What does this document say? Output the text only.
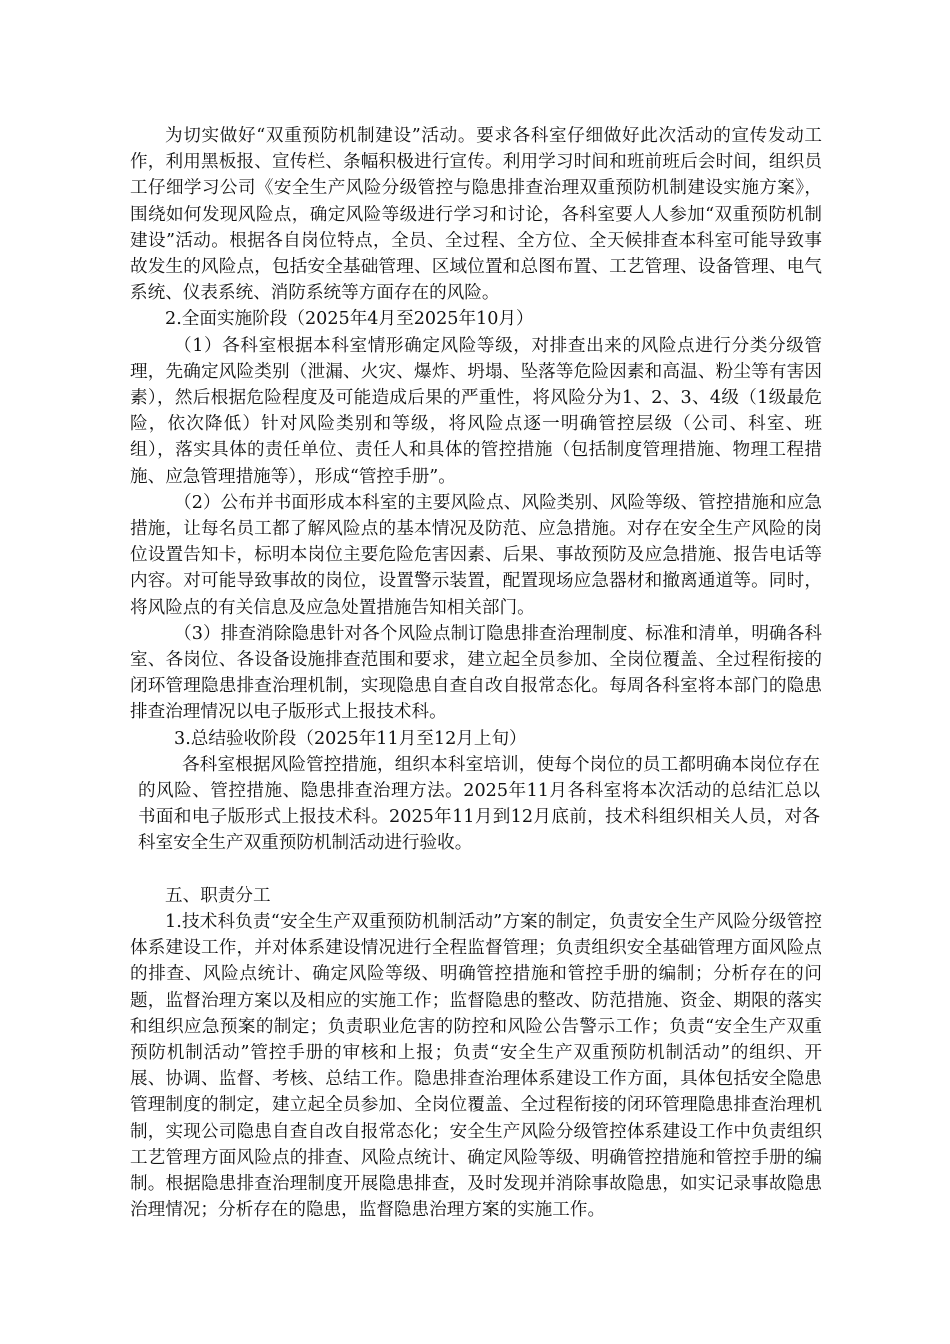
为切实做好“双重预防机制建设”活动。要求各科室仔细做好此次活动的宣传发动工作，利用黑板报、宣传栏、条幅积极进行宣传。利用学习时间和班前班后会时间，组织员工仔细学习公司《安全生产风险分级管控与隐患排查治理双重预防机制建设实施方案》，围绕如何发现风险点，确定风险等级进行学习和讨论，各科室要人人参加“双重预防机制建设”活动。根据各自岗位特点，全员、全过程、全方位、全天候排查本科室可能导致事故发生的风险点，包括安全基础管理、区域位置和总图布置、工艺管理、设备管理、电气系统、仪表系统、消防系统等方面存在的风险。

2.全面实施阶段（2025年4月至2025年10月）

（1）各科室根据本科室情形确定风险等级，对排查出来的风险点进行分类分级管理，先确定风险类别（泄漏、火灾、爆炸、坍塌、坠落等危险因素和高温、粉尘等有害因素），然后根据危险程度及可能造成后果的严重性，将风险分为1、2、3、4级（1级最危险，依次降低）针对风险类别和等级，将风险点逐一明确管控层级（公司、科室、班组），落实具体的责任单位、责任人和具体的管控措施（包括制度管理措施、物理工程措施、应急管理措施等），形成“管控手册”。

（2）公布并书面形成本科室的主要风险点、风险类别、风险等级、管控措施和应急措施，让每名员工都了解风险点的基本情况及防范、应急措施。对存在安全生产风险的岗位设置告知卡，标明本岗位主要危险危害因素、后果、事故预防及应急措施、报告电话等内容。对可能导致事故的岗位，设置警示装置，配置现场应急器材和撤离通道等。同时，将风险点的有关信息及应急处置措施告知相关部门。

（3）排查消除隐患针对各个风险点制订隐患排查治理制度、标准和清单，明确各科室、各岗位、各设备设施排查范围和要求，建立起全员参加、全岗位覆盖、全过程衔接的闭环管理隐患排查治理机制，实现隐患自查自改自报常态化。每周各科室将本部门的隐患排查治理情况以电子版形式上报技术科。

3.总结验收阶段（2025年11月至12月上旬）

各科室根据风险管控措施，组织本科室培训，使每个岗位的员工都明确本岗位存在的风险、管控措施、隐患排查治理方法。2025年11月各科室将本次活动的总结汇总以书面和电子版形式上报技术科。2025年11月到12月底前，技术科组织相关人员，对各科室安全生产双重预防机制活动进行验收。

五、职责分工

1.技术科负责“安全生产双重预防机制活动”方案的制定，负责安全生产风险分级管控体系建设工作，并对体系建设情况进行全程监督管理；负责组织安全基础管理方面风险点的排查、风险点统计、确定风险等级、明确管控措施和管控手册的编制；分析存在的问题，监督治理方案以及相应的实施工作；监督隐患的整改、防范措施、资金、期限的落实和组织应急预案的制定；负责职业危害的防控和风险公告警示工作；负责“安全生产双重预防机制活动”管控手册的审核和上报；负责“安全生产双重预防机制活动”的组织、开展、协调、监督、考核、总结工作。隐患排查治理体系建设工作方面，具体包括安全隐患管理制度的制定，建立起全员参加、全岗位覆盖、全过程衔接的闭环管理隐患排查治理机制，实现公司隐患自查自改自报常态化；安全生产风险分级管控体系建设工作中负责组织工艺管理方面风险点的排查、风险点统计、确定风险等级、明确管控措施和管控手册的编制。根据隐患排查治理制度开展隐患排查，及时发现并消除事故隐患，如实记录事故隐患治理情况；分析存在的隐患，监督隐患治理方案的实施工作。
